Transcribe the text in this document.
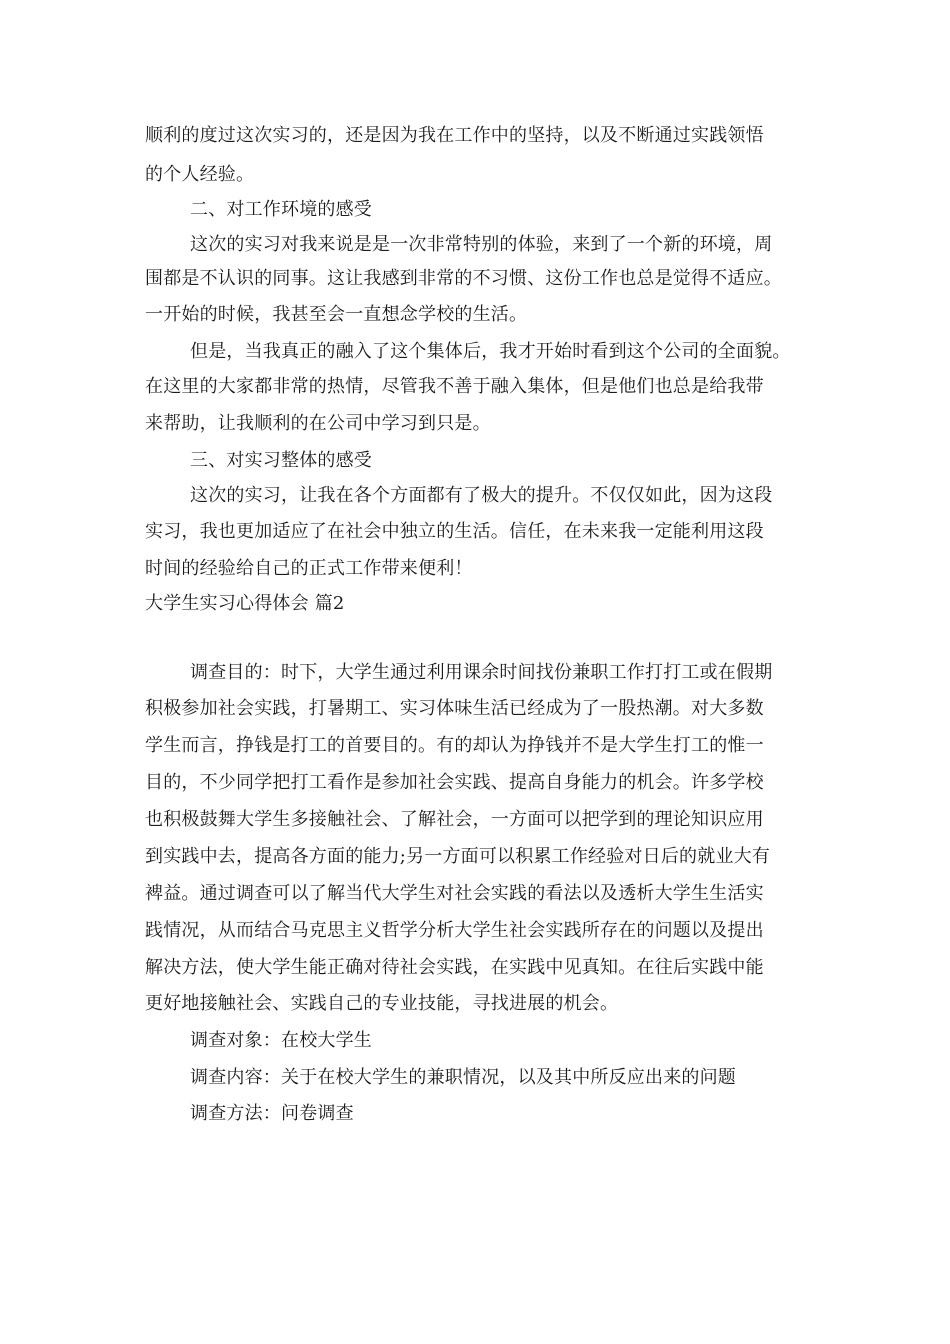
顺利的度过这次实习的，还是因为我在工作中的坚持，以及不断通过实践领悟
的个人经验。
二、对工作环境的感受
这次的实习对我来说是是一次非常特别的体验，来到了一个新的环境，周
围都是不认识的同事。这让我感到非常的不习惯、这份工作也总是觉得不适应。
一开始的时候，我甚至会一直想念学校的生活。
但是，当我真正的融入了这个集体后，我才开始时看到这个公司的全面貌。
在这里的大家都非常的热情，尽管我不善于融入集体，但是他们也总是给我带
来帮助，让我顺利的在公司中学习到只是。
三、对实习整体的感受
这次的实习，让我在各个方面都有了极大的提升。不仅仅如此，因为这段
实习，我也更加适应了在社会中独立的生活。信任，在未来我一定能利用这段
时间的经验给自己的正式工作带来便利！
大学生实习心得体会 篇2
调查目的：时下，大学生通过利用课余时间找份兼职工作打打工或在假期
积极参加社会实践，打暑期工、实习体味生活已经成为了一股热潮。对大多数
学生而言，挣钱是打工的首要目的。有的却认为挣钱并不是大学生打工的惟一
目的，不少同学把打工看作是参加社会实践、提高自身能力的机会。许多学校
也积极鼓舞大学生多接触社会、了解社会，一方面可以把学到的理论知识应用
到实践中去，提高各方面的能力;另一方面可以积累工作经验对日后的就业大有
裨益。通过调查可以了解当代大学生对社会实践的看法以及透析大学生生活实
践情况，从而结合马克思主义哲学分析大学生社会实践所存在的问题以及提出
解决方法，使大学生能正确对待社会实践，在实践中见真知。在往后实践中能
更好地接触社会、实践自己的专业技能，寻找进展的机会。
调查对象：在校大学生
调查内容：关于在校大学生的兼职情况，以及其中所反应出来的问题
调查方法：问卷调查
